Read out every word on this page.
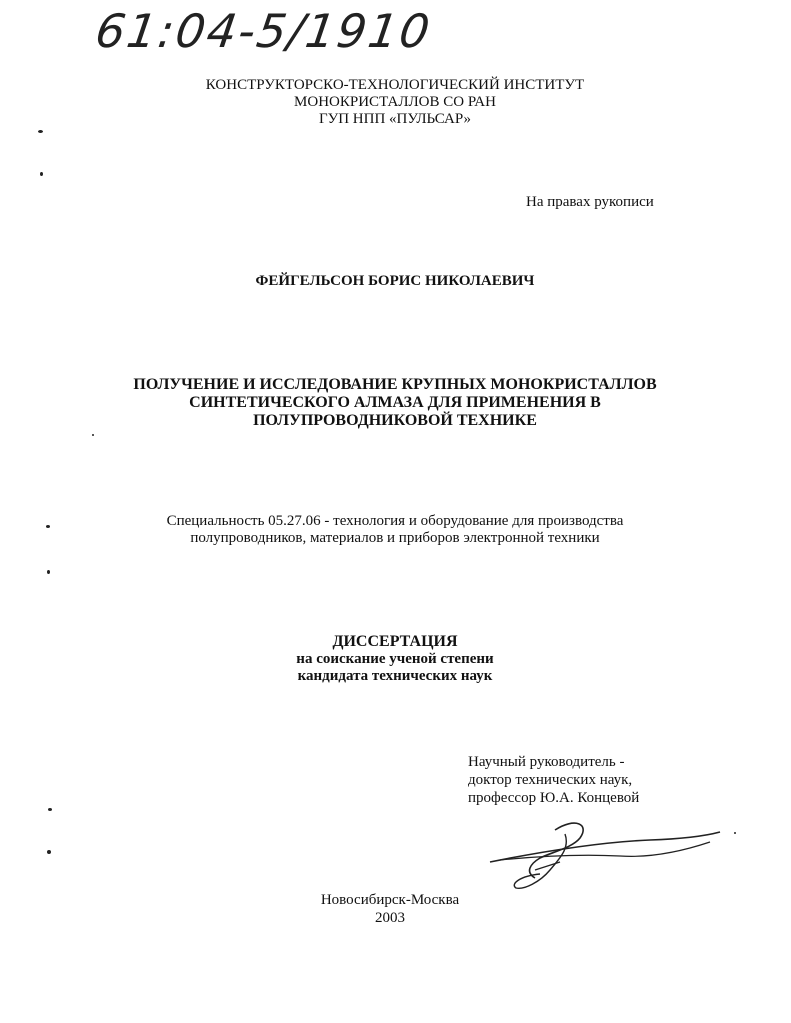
61:04-5/1910
КОНСТРУКТОРСКО-ТЕХНОЛОГИЧЕСКИЙ ИНСТИТУТ
МОНОКРИСТАЛЛОВ СО РАН
ГУП НПП «ПУЛЬСАР»
На правах рукописи
ФЕЙГЕЛЬСОН БОРИС НИКОЛАЕВИЧ
ПОЛУЧЕНИЕ И ИССЛЕДОВАНИЕ КРУПНЫХ МОНОКРИСТАЛЛОВ
СИНТЕТИЧЕСКОГО АЛМАЗА ДЛЯ ПРИМЕНЕНИЯ В
ПОЛУПРОВОДНИКОВОЙ ТЕХНИКЕ
Специальность 05.27.06 - технология и оборудование для производства
полупроводников, материалов и приборов электронной техники
ДИССЕРТАЦИЯ
на соискание ученой степени
кандидата технических наук
Научный руководитель -
доктор технических наук,
профессор Ю.А. Концевой
Новосибирск-Москва
2003
